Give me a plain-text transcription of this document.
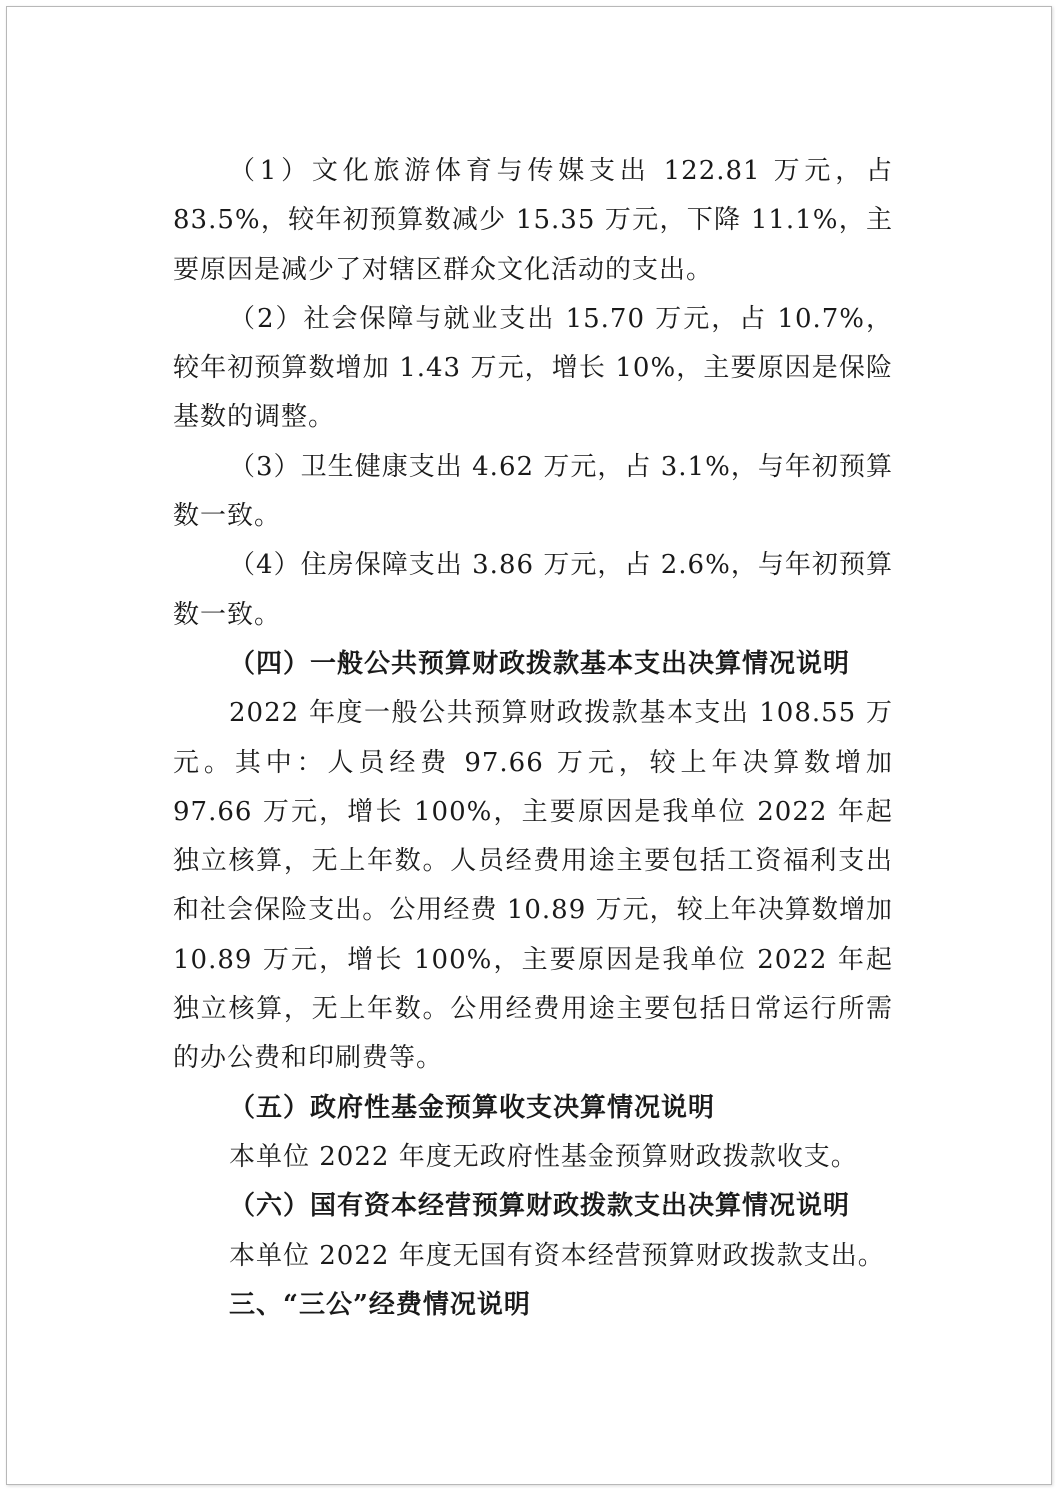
（1）文化旅游体育与传媒支出 122.81 万元，占 83.5%，较年初预算数减少 15.35 万元，下降 11.1%，主要原因是减少了对辖区群众文化活动的支出。

（2）社会保障与就业支出 15.70 万元，占 10.7%，较年初预算数增加 1.43 万元，增长 10%，主要原因是保险基数的调整。

（3）卫生健康支出 4.62 万元，占 3.1%，与年初预算数一致。

（4）住房保障支出 3.86 万元，占 2.6%，与年初预算数一致。

（四）一般公共预算财政拨款基本支出决算情况说明

2022 年度一般公共预算财政拨款基本支出 108.55 万元。其中：人员经费 97.66 万元，较上年决算数增加 97.66 万元，增长 100%，主要原因是我单位 2022 年起独立核算，无上年数。人员经费用途主要包括工资福利支出和社会保险支出。公用经费 10.89 万元，较上年决算数增加 10.89 万元，增长 100%，主要原因是我单位 2022 年起独立核算，无上年数。公用经费用途主要包括日常运行所需的办公费和印刷费等。

（五）政府性基金预算收支决算情况说明

本单位 2022 年度无政府性基金预算财政拨款收支。

（六）国有资本经营预算财政拨款支出决算情况说明

本单位 2022 年度无国有资本经营预算财政拨款支出。

三、“三公”经费情况说明
